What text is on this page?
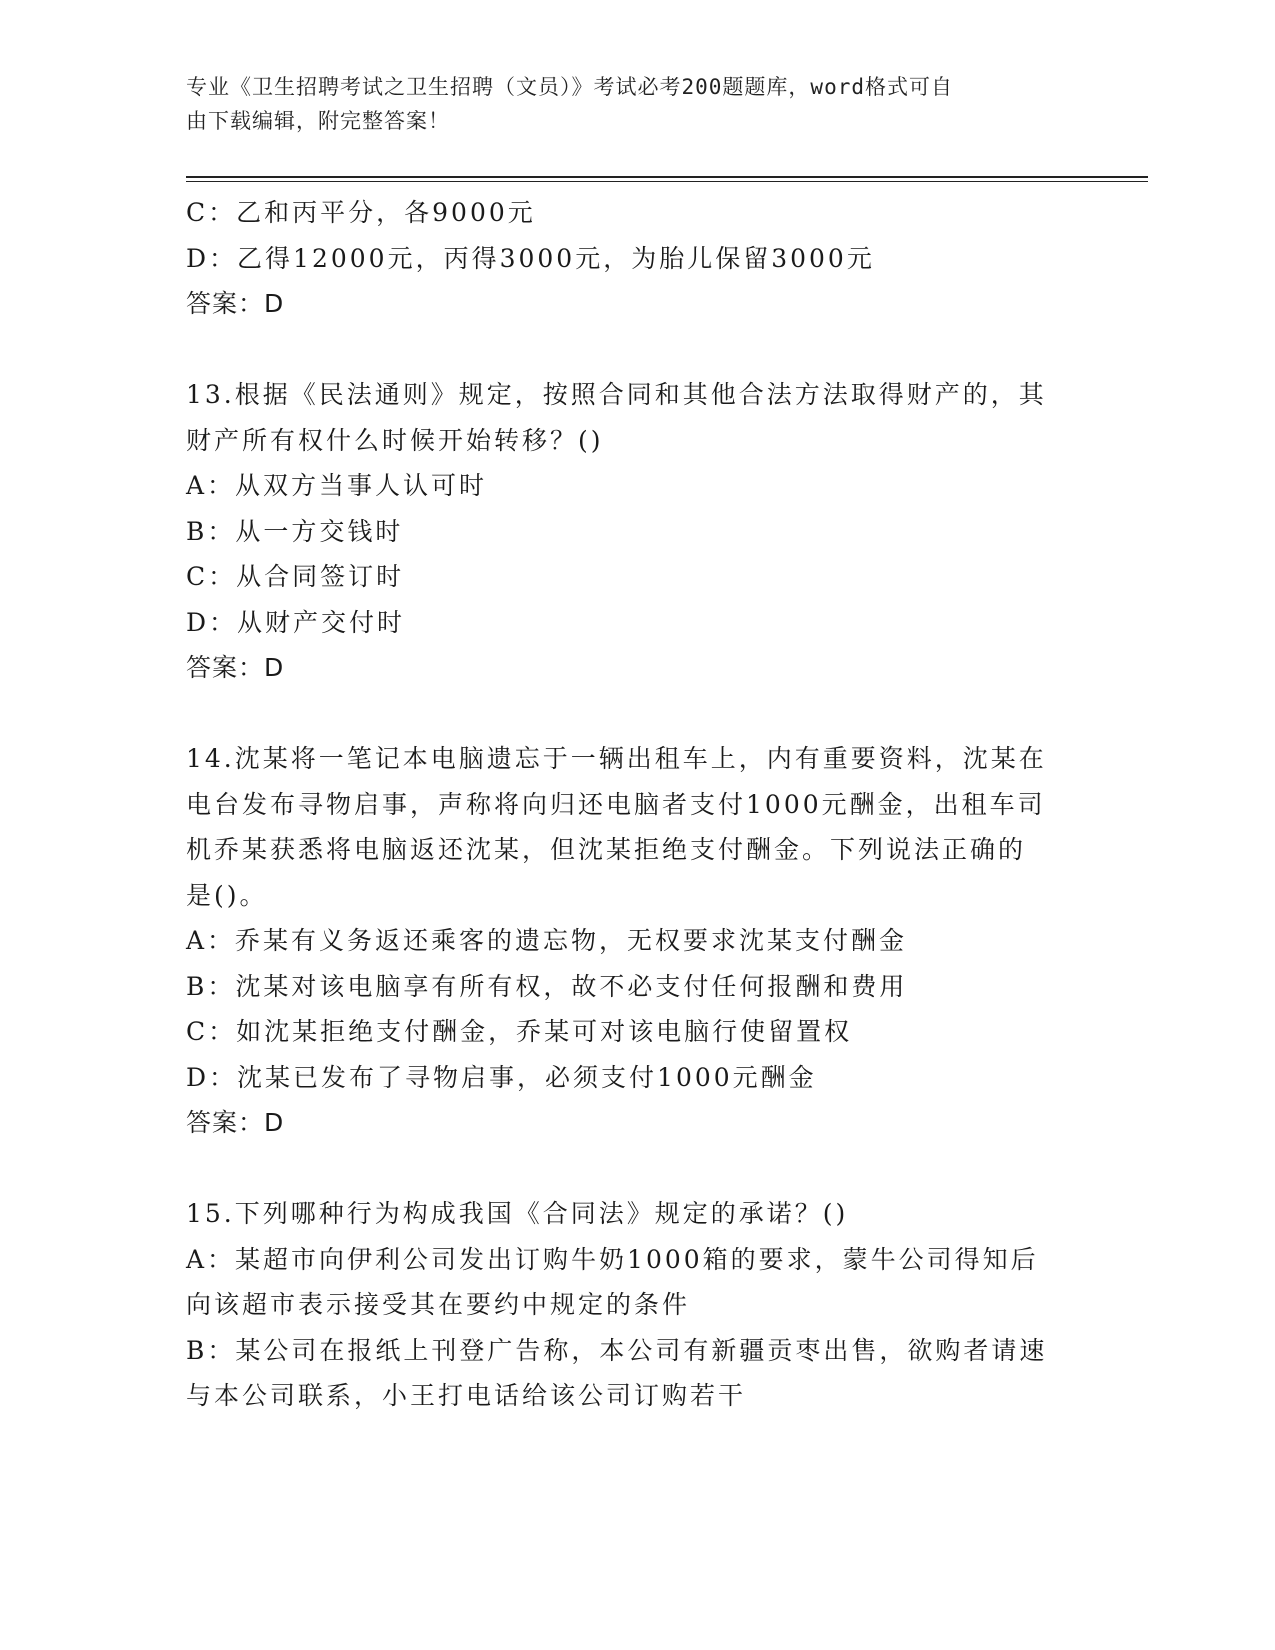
专业《卫生招聘考试之卫生招聘（文员）》考试必考200题题库，word格式可自
由下载编辑，附完整答案！
C：乙和丙平分，各9000元
D：乙得12000元，丙得3000元，为胎儿保留3000元
答案：D
13.根据《民法通则》规定，按照合同和其他合法方法取得财产的，其
财产所有权什么时候开始转移？()
A：从双方当事人认可时
B：从一方交钱时
C：从合同签订时
D：从财产交付时
答案：D
14.沈某将一笔记本电脑遗忘于一辆出租车上，内有重要资料，沈某在
电台发布寻物启事，声称将向归还电脑者支付1000元酬金，出租车司
机乔某获悉将电脑返还沈某，但沈某拒绝支付酬金。下列说法正确的
是()。
A：乔某有义务返还乘客的遗忘物，无权要求沈某支付酬金
B：沈某对该电脑享有所有权，故不必支付任何报酬和费用
C：如沈某拒绝支付酬金，乔某可对该电脑行使留置权
D：沈某已发布了寻物启事，必须支付1000元酬金
答案：D
15.下列哪种行为构成我国《合同法》规定的承诺？()
A：某超市向伊利公司发出订购牛奶1000箱的要求，蒙牛公司得知后
向该超市表示接受其在要约中规定的条件
B：某公司在报纸上刊登广告称，本公司有新疆贡枣出售，欲购者请速
与本公司联系，小王打电话给该公司订购若干
